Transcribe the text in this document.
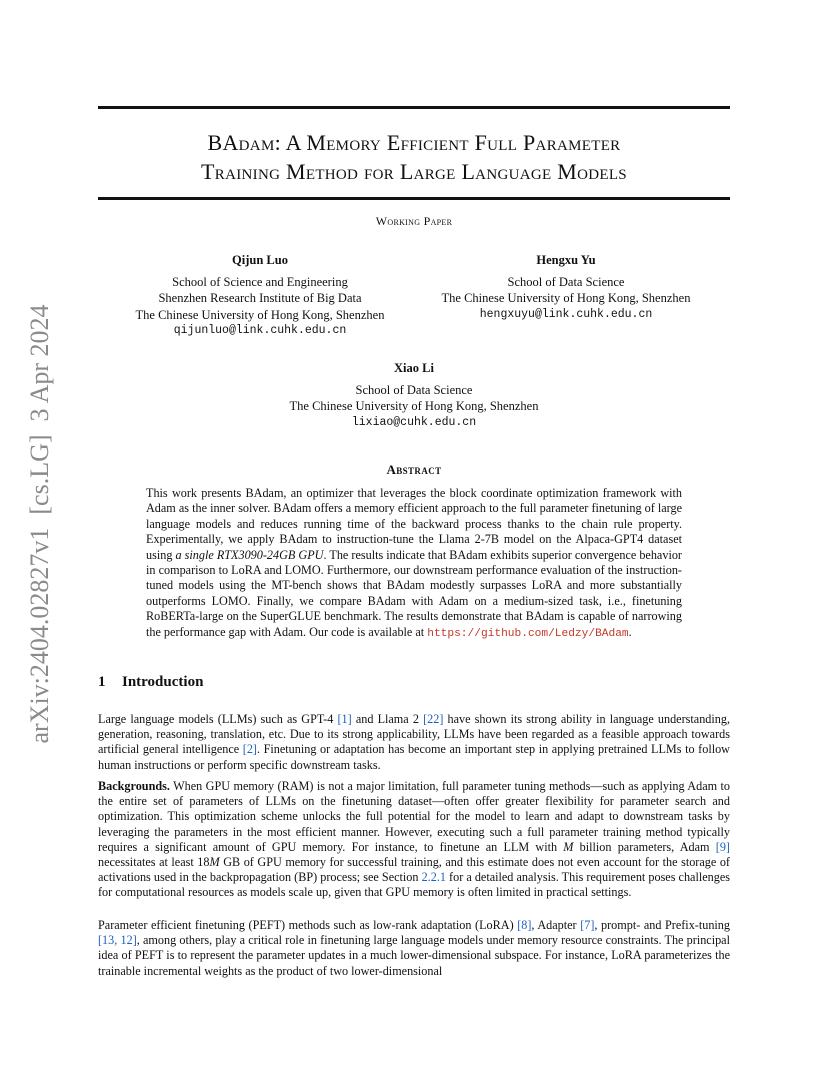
arXiv:2404.02827v1  [cs.LG]  3 Apr 2024
BAdam: A Memory Efficient Full Parameter
Training Method for Large Language Models
Working Paper
Qijun Luo
School of Science and Engineering
Shenzhen Research Institute of Big Data
The Chinese University of Hong Kong, Shenzhen
qijunluo@link.cuhk.edu.cn
Hengxu Yu
School of Data Science
The Chinese University of Hong Kong, Shenzhen
hengxuyu@link.cuhk.edu.cn
Xiao Li
School of Data Science
The Chinese University of Hong Kong, Shenzhen
lixiao@cuhk.edu.cn
Abstract
This work presents BAdam, an optimizer that leverages the block coordinate optimization framework with Adam as the inner solver. BAdam offers a memory efficient approach to the full parameter finetuning of large language models and reduces running time of the backward process thanks to the chain rule property. Experimentally, we apply BAdam to instruction-tune the Llama 2-7B model on the Alpaca-GPT4 dataset using a single RTX3090-24GB GPU. The results indicate that BAdam exhibits superior convergence behavior in comparison to LoRA and LOMO. Furthermore, our downstream performance evaluation of the instruction-tuned models using the MT-bench shows that BAdam modestly surpasses LoRA and more substantially outperforms LOMO. Finally, we compare BAdam with Adam on a medium-sized task, i.e., finetuning RoBERTa-large on the SuperGLUE benchmark. The results demonstrate that BAdam is capable of narrowing the performance gap with Adam. Our code is available at https://github.com/Ledzy/BAdam.
1 Introduction

Large language models (LLMs) such as GPT-4 [1] and Llama 2 [22] have shown its strong ability in language understanding, generation, reasoning, translation, etc. Due to its strong applicability, LLMs have been regarded as a feasible approach towards artificial general intelligence [2]. Finetuning or adaptation has become an important step in applying pretrained LLMs to follow human instructions or perform specific downstream tasks.

Backgrounds. When GPU memory (RAM) is not a major limitation, full parameter tuning methods—such as applying Adam to the entire set of parameters of LLMs on the finetuning dataset—often offer greater flexibility for parameter search and optimization. This optimization scheme unlocks the full potential for the model to learn and adapt to downstream tasks by leveraging the parameters in the most efficient manner. However, executing such a full parameter training method typically requires a significant amount of GPU memory. For instance, to finetune an LLM with M billion parameters, Adam [9] necessitates at least 18M GB of GPU memory for successful training, and this estimate does not even account for the storage of activations used in the backpropagation (BP) process; see Section 2.2.1 for a detailed analysis. This requirement poses challenges for computational resources as models scale up, given that GPU memory is often limited in practical settings.

Parameter efficient finetuning (PEFT) methods such as low-rank adaptation (LoRA) [8], Adapter [7], prompt- and Prefix-tuning [13, 12], among others, play a critical role in finetuning large language models under memory resource constraints. The principal idea of PEFT is to represent the parameter updates in a much lower-dimensional subspace. For instance, LoRA parameterizes the trainable incremental weights as the product of two lower-dimensional
